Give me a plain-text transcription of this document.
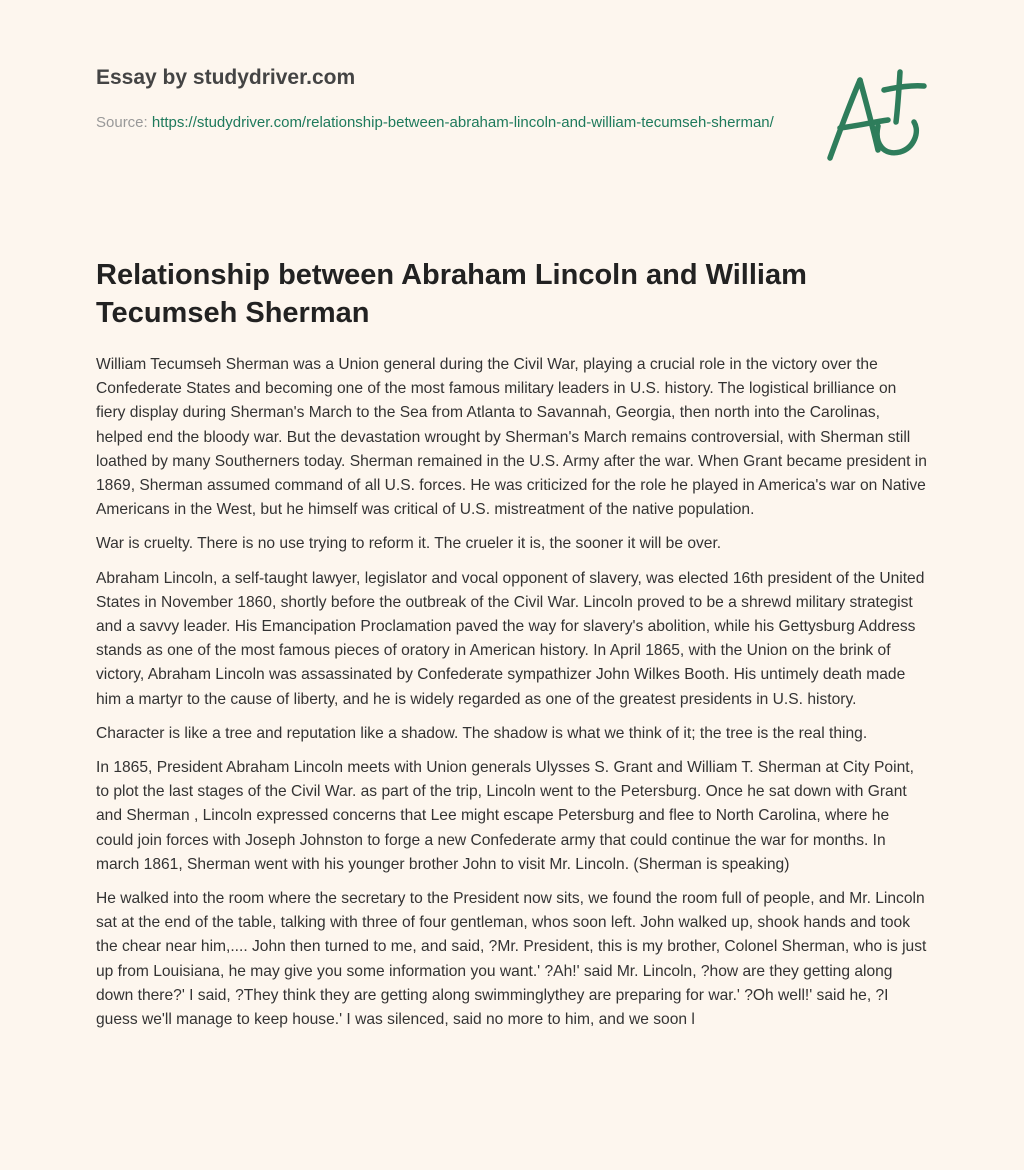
Essay by studydriver.com
Source: https://studydriver.com/relationship-between-abraham-lincoln-and-william-tecumseh-sherman/
Relationship between Abraham Lincoln and William Tecumseh Sherman

William Tecumseh Sherman was a Union general during the Civil War, playing a crucial role in the victory over the Confederate States and becoming one of the most famous military leaders in U.S. history. The logistical brilliance on fiery display during Sherman's March to the Sea from Atlanta to Savannah, Georgia, then north into the Carolinas, helped end the bloody war. But the devastation wrought by Sherman's March remains controversial, with Sherman still loathed by many Southerners today. Sherman remained in the U.S. Army after the war. When Grant became president in 1869, Sherman assumed command of all U.S. forces. He was criticized for the role he played in America's war on Native Americans in the West, but he himself was critical of U.S. mistreatment of the native population.

War is cruelty. There is no use trying to reform it. The crueler it is, the sooner it will be over.

Abraham Lincoln, a self-taught lawyer, legislator and vocal opponent of slavery, was elected 16th president of the United States in November 1860, shortly before the outbreak of the Civil War. Lincoln proved to be a shrewd military strategist and a savvy leader. His Emancipation Proclamation paved the way for slavery's abolition, while his Gettysburg Address stands as one of the most famous pieces of oratory in American history. In April 1865, with the Union on the brink of victory, Abraham Lincoln was assassinated by Confederate sympathizer John Wilkes Booth. His untimely death made him a martyr to the cause of liberty, and he is widely regarded as one of the greatest presidents in U.S. history.

Character is like a tree and reputation like a shadow. The shadow is what we think of it; the tree is the real thing.

In 1865, President Abraham Lincoln meets with Union generals Ulysses S. Grant and William T. Sherman at City Point, to plot the last stages of the Civil War. as part of the trip, Lincoln went to the Petersburg. Once he sat down with Grant and Sherman , Lincoln expressed concerns that Lee might escape Petersburg and flee to North Carolina, where he could join forces with Joseph Johnston to forge a new Confederate army that could continue the war for months. In march 1861, Sherman went with his younger brother John to visit Mr. Lincoln. (Sherman is speaking)

He walked into the room where the secretary to the President now sits, we found the room full of people, and Mr. Lincoln sat at the end of the table, talking with three of four gentleman, whos soon left. John walked up, shook hands and took the chear near him,.... John then turned to me, and said, ?Mr. President, this is my brother, Colonel Sherman, who is just up from Louisiana, he may give you some information you want.' ?Ah!' said Mr. Lincoln, ?how are they getting along down there?' I said, ?They think they are getting along swimminglythey are preparing for war.' ?Oh well!' said he, ?I guess we'll manage to keep house.' I was silenced, said no more to him, and we soon l
